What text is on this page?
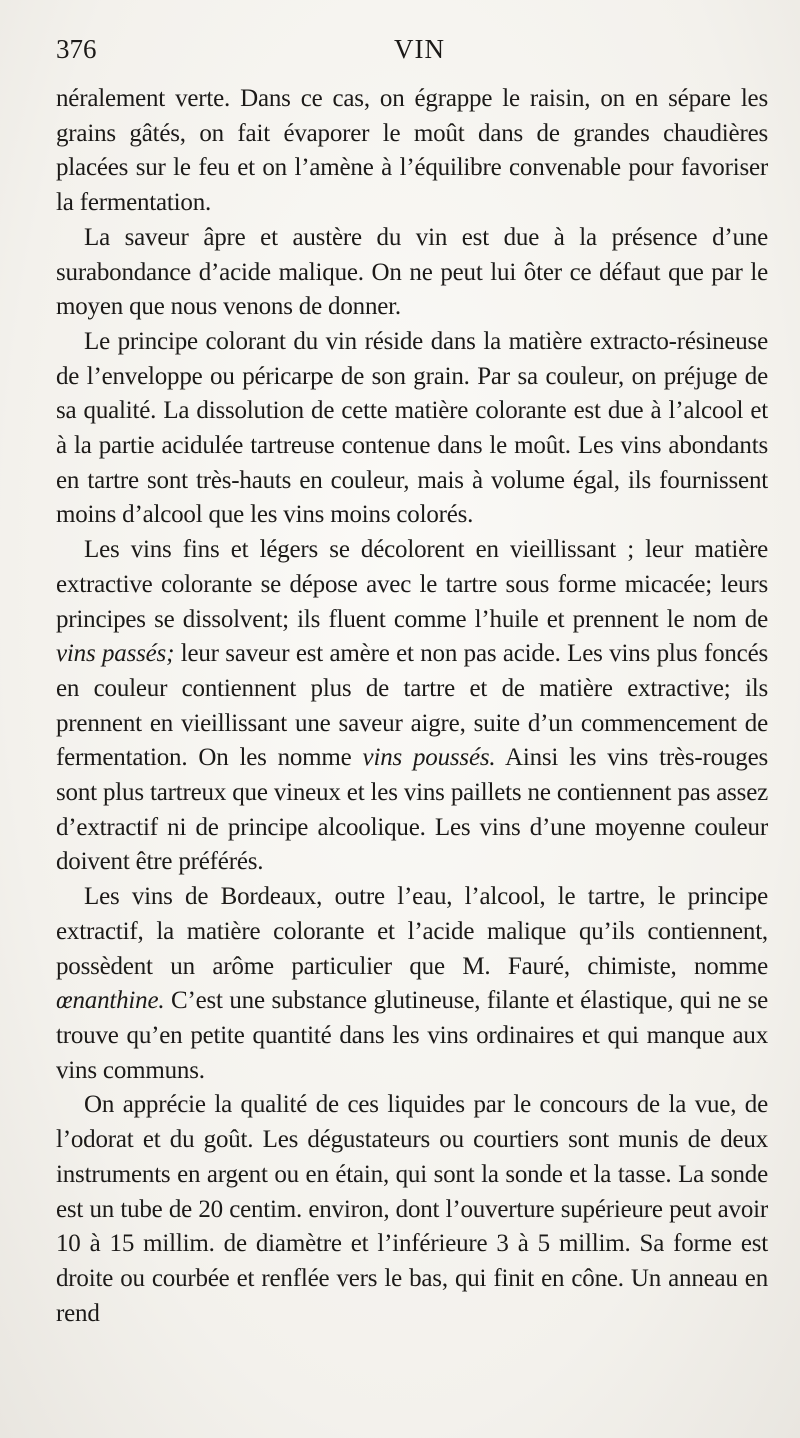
376	VIN

néralement verte. Dans ce cas, on égrappe le raisin, on en sépare les grains gâtés, on fait évaporer le moût dans de grandes chaudières placées sur le feu et on l’amène à l’équilibre convenable pour favoriser la fermentation.

La saveur âpre et austère du vin est due à la présence d’une surabondance d’acide malique. On ne peut lui ôter ce défaut que par le moyen que nous venons de donner.

Le principe colorant du vin réside dans la matière extracto-résineuse de l’enveloppe ou péricarpe de son grain. Par sa couleur, on préjuge de sa qualité. La dissolution de cette matière colorante est due à l’alcool et à la partie acidulée tartreuse contenue dans le moût. Les vins abondants en tartre sont très-hauts en couleur, mais à volume égal, ils fournissent moins d’alcool que les vins moins colorés.

Les vins fins et légers se décolorent en vieillissant ; leur matière extractive colorante se dépose avec le tartre sous forme micacée; leurs principes se dissolvent; ils fluent comme l’huile et prennent le nom de vins passés; leur saveur est amère et non pas acide. Les vins plus foncés en couleur contiennent plus de tartre et de matière extractive; ils prennent en vieillissant une saveur aigre, suite d’un commencement de fermentation. On les nomme vins poussés. Ainsi les vins très-rouges sont plus tartreux que vineux et les vins paillets ne contiennent pas assez d’extractif ni de principe alcoolique. Les vins d’une moyenne couleur doivent être préférés.

Les vins de Bordeaux, outre l’eau, l’alcool, le tartre, le principe extractif, la matière colorante et l’acide malique qu’ils contiennent, possèdent un arôme particulier que M. Fauré, chimiste, nomme œnanthine. C’est une substance glutineuse, filante et élastique, qui ne se trouve qu’en petite quantité dans les vins ordinaires et qui manque aux vins communs.

On apprécie la qualité de ces liquides par le concours de la vue, de l’odorat et du goût. Les dégustateurs ou courtiers sont munis de deux instruments en argent ou en étain, qui sont la sonde et la tasse. La sonde est un tube de 20 centim. environ, dont l’ouverture supérieure peut avoir 10 à 15 millim. de diamètre et l’inférieure 3 à 5 millim. Sa forme est droite ou courbée et renflée vers le bas, qui finit en cône. Un anneau en rend
